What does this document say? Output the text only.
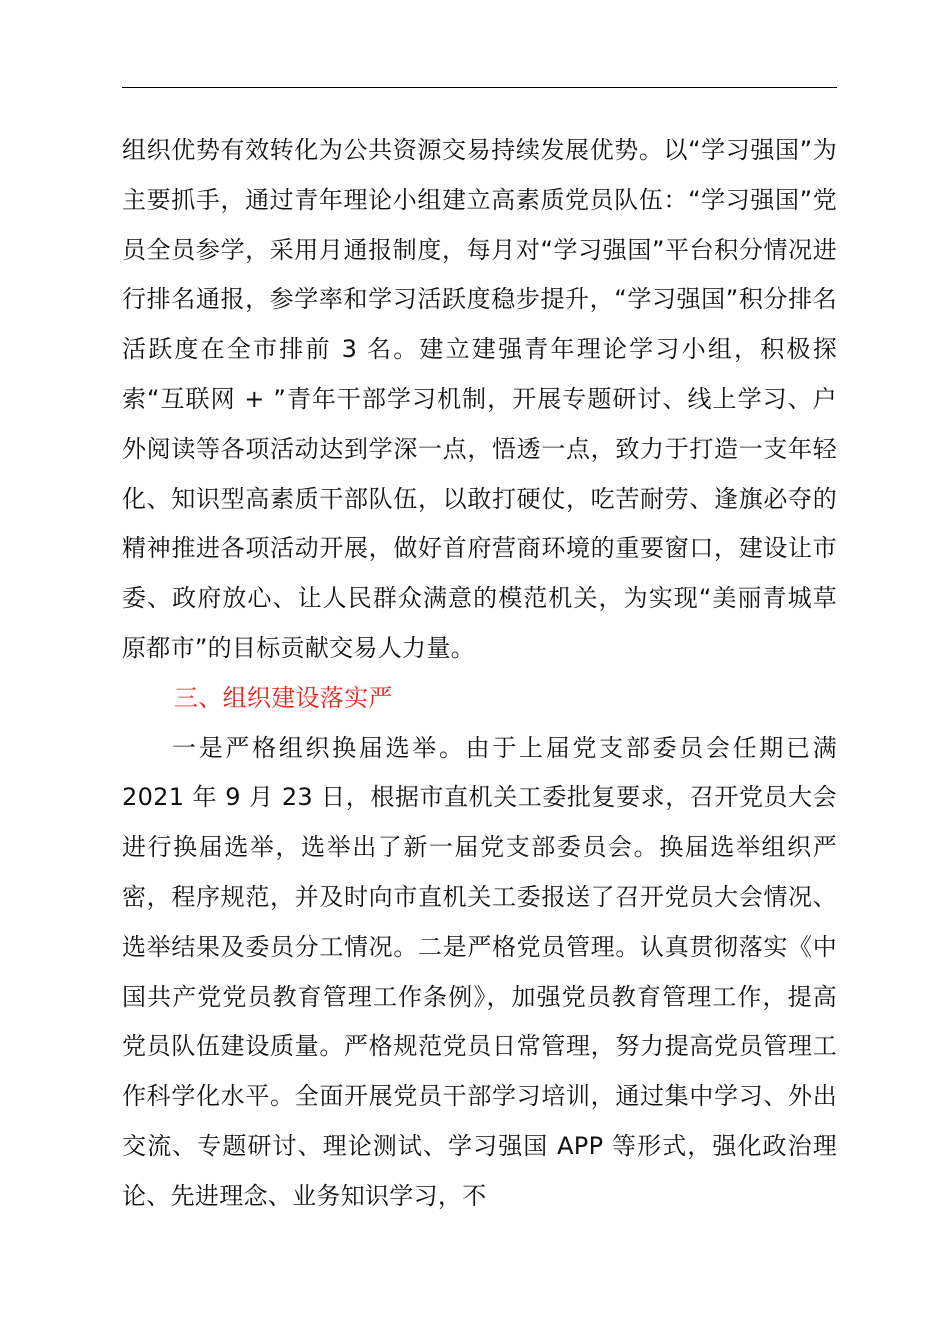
组织优势有效转化为公共资源交易持续发展优势。以“学习强国”为主要抓手，通过青年理论小组建立高素质党员队伍：“学习强国”党员全员参学，采用月通报制度，每月对“学习强国”平台积分情况进行排名通报，参学率和学习活跃度稳步提升，“学习强国”积分排名活跃度在全市排前 3 名。建立建强青年理论学习小组，积极探索“互联网 + ”青年干部学习机制，开展专题研讨、线上学习、户外阅读等各项活动达到学深一点，悟透一点，致力于打造一支年轻化、知识型高素质干部队伍，以敢打硬仗，吃苦耐劳、逢旗必夺的精神推进各项活动开展，做好首府营商环境的重要窗口，建设让市委、政府放心、让人民群众满意的模范机关，为实现“美丽青城草原都市”的目标贡献交易人力量。

三、组织建设落实严

一是严格组织换届选举。由于上届党支部委员会任期已满 2021 年 9 月 23 日，根据市直机关工委批复要求，召开党员大会进行换届选举，选举出了新一届党支部委员会。换届选举组织严密，程序规范，并及时向市直机关工委报送了召开党员大会情况、选举结果及委员分工情况。二是严格党员管理。认真贯彻落实《中国共产党党员教育管理工作条例》，加强党员教育管理工作，提高党员队伍建设质量。严格规范党员日常管理，努力提高党员管理工作科学化水平。全面开展党员干部学习培训，通过集中学习、外出交流、专题研讨、理论测试、学习强国 APP 等形式，强化政治理论、先进理念、业务知识学习，不
